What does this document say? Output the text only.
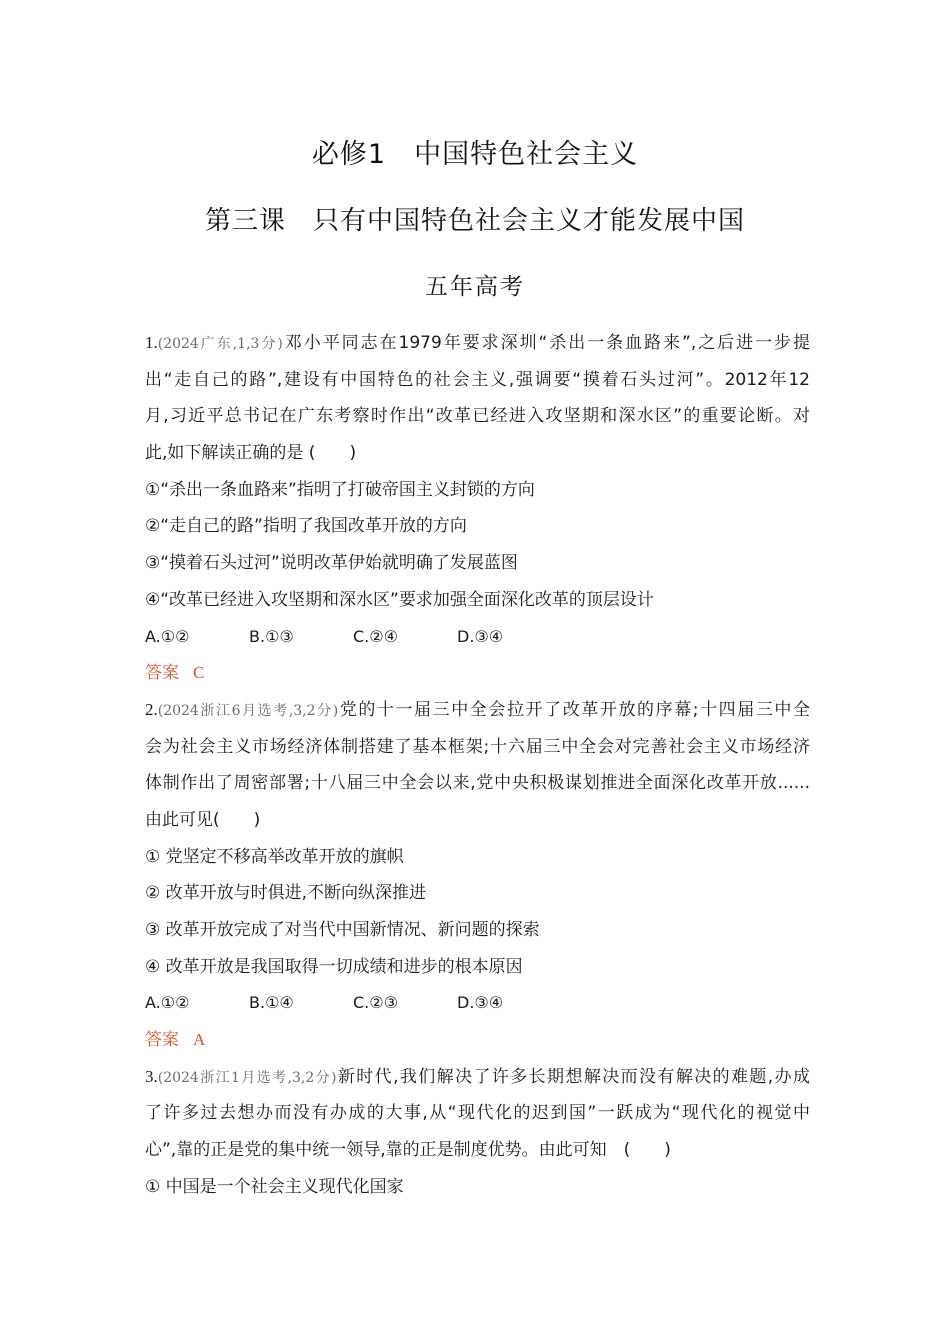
必修1　中国特色社会主义
第三课　只有中国特色社会主义才能发展中国
五年高考
1.(2024广东,1,3分)邓小平同志在1979年要求深圳“杀出一条血路来”,之后进一步提
出“走自己的路”,建设有中国特色的社会主义,强调要“摸着石头过河”。2012年12
月,习近平总书记在广东考察时作出“改革已经进入攻坚期和深水区”的重要论断。对
此,如下解读正确的是 (　　)
①“杀出一条血路来”指明了打破帝国主义封锁的方向
②“走自己的路”指明了我国改革开放的方向
③“摸着石头过河”说明改革伊始就明确了发展蓝图
④“改革已经进入攻坚期和深水区”要求加强全面深化改革的顶层设计
A.①②	B.①③	C.②④	D.③④
答案 C
2.(2024浙江6月选考,3,2分)党的十一届三中全会拉开了改革开放的序幕;十四届三中全
会为社会主义市场经济体制搭建了基本框架;十六届三中全会对完善社会主义市场经济
体制作出了周密部署;十八届三中全会以来,党中央积极谋划推进全面深化改革开放......
由此可见(　　)
① 党坚定不移高举改革开放的旗帜
② 改革开放与时俱进,不断向纵深推进
③ 改革开放完成了对当代中国新情况、新问题的探索
④ 改革开放是我国取得一切成绩和进步的根本原因
A.①②	B.①④	C.②③	D.③④
答案 A
3.(2024浙江1月选考,3,2分)新时代,我们解决了许多长期想解决而没有解决的难题,办成
了许多过去想办而没有办成的大事,从“现代化的迟到国”一跃成为“现代化的视觉中
心”,靠的正是党的集中统一领导,靠的正是制度优势。由此可知　(　　)
① 中国是一个社会主义现代化国家
